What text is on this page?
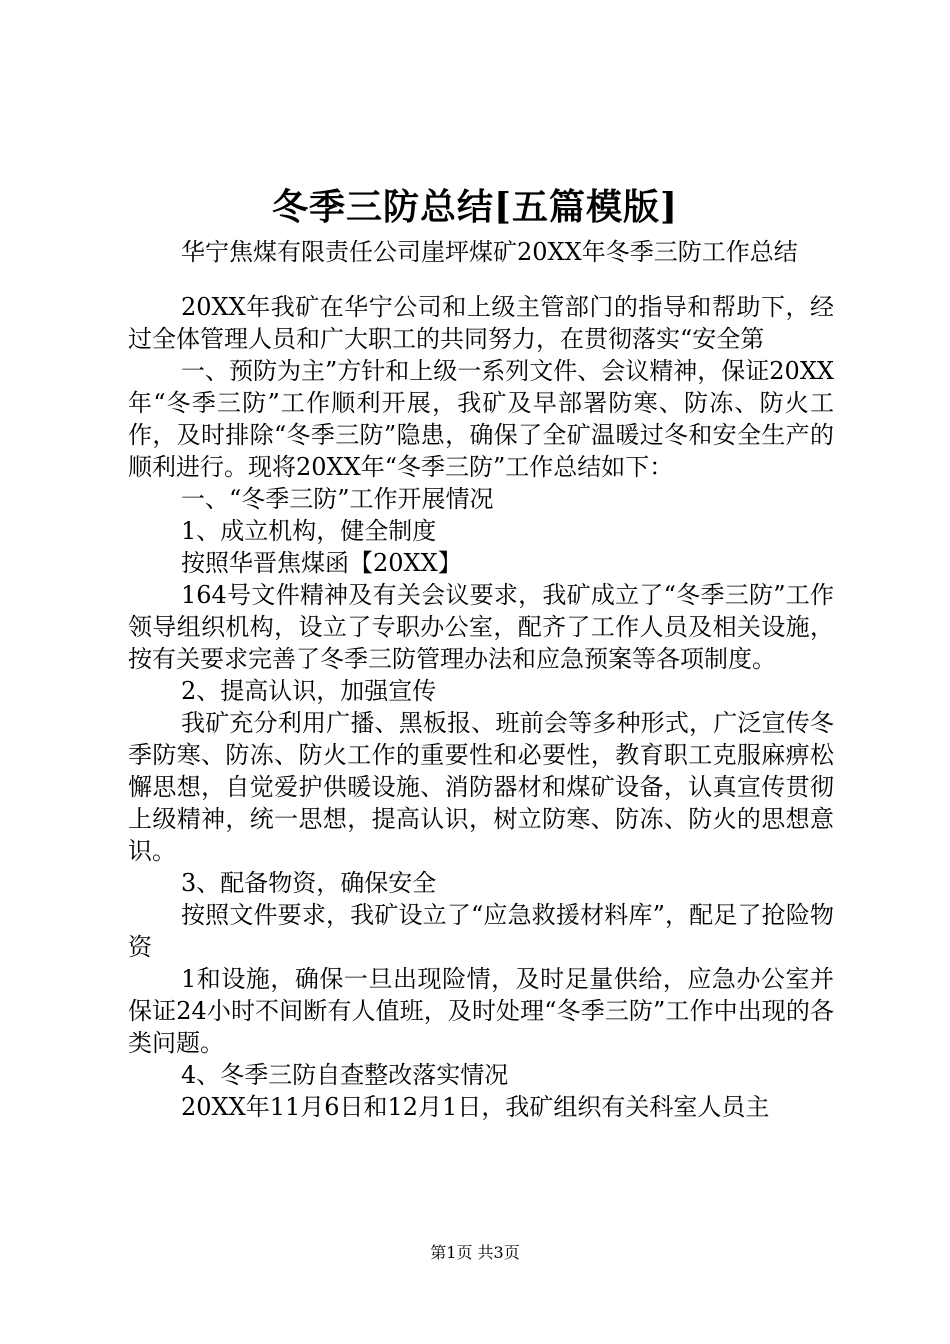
冬季三防总结[五篇模版]
华宁焦煤有限责任公司崖坪煤矿20XX年冬季三防工作总结

20XX年我矿在华宁公司和上级主管部门的指导和帮助下，经过全体管理人员和广大职工的共同努力，在贯彻落实“安全第

一、预防为主”方针和上级一系列文件、会议精神，保证20XX年“冬季三防”工作顺利开展，我矿及早部署防寒、防冻、防火工作，及时排除“冬季三防”隐患，确保了全矿温暖过冬和安全生产的顺利进行。现将20XX年“冬季三防”工作总结如下：

一、“冬季三防”工作开展情况

1、成立机构，健全制度

按照华晋焦煤函【20XX】

164号文件精神及有关会议要求，我矿成立了“冬季三防”工作领导组织机构，设立了专职办公室，配齐了工作人员及相关设施，按有关要求完善了冬季三防管理办法和应急预案等各项制度。

2、提高认识，加强宣传

我矿充分利用广播、黑板报、班前会等多种形式，广泛宣传冬季防寒、防冻、防火工作的重要性和必要性，教育职工克服麻痹松懈思想，自觉爱护供暖设施、消防器材和煤矿设备，认真宣传贯彻上级精神，统一思想，提高认识，树立防寒、防冻、防火的思想意识。

3、配备物资，确保安全

按照文件要求，我矿设立了“应急救援材料库”，配足了抢险物资

1和设施，确保一旦出现险情，及时足量供给，应急办公室并保证24小时不间断有人值班，及时处理“冬季三防”工作中出现的各类问题。

4、冬季三防自查整改落实情况

20XX年11月6日和12月1日，我矿组织有关科室人员主

第1页 共3页
